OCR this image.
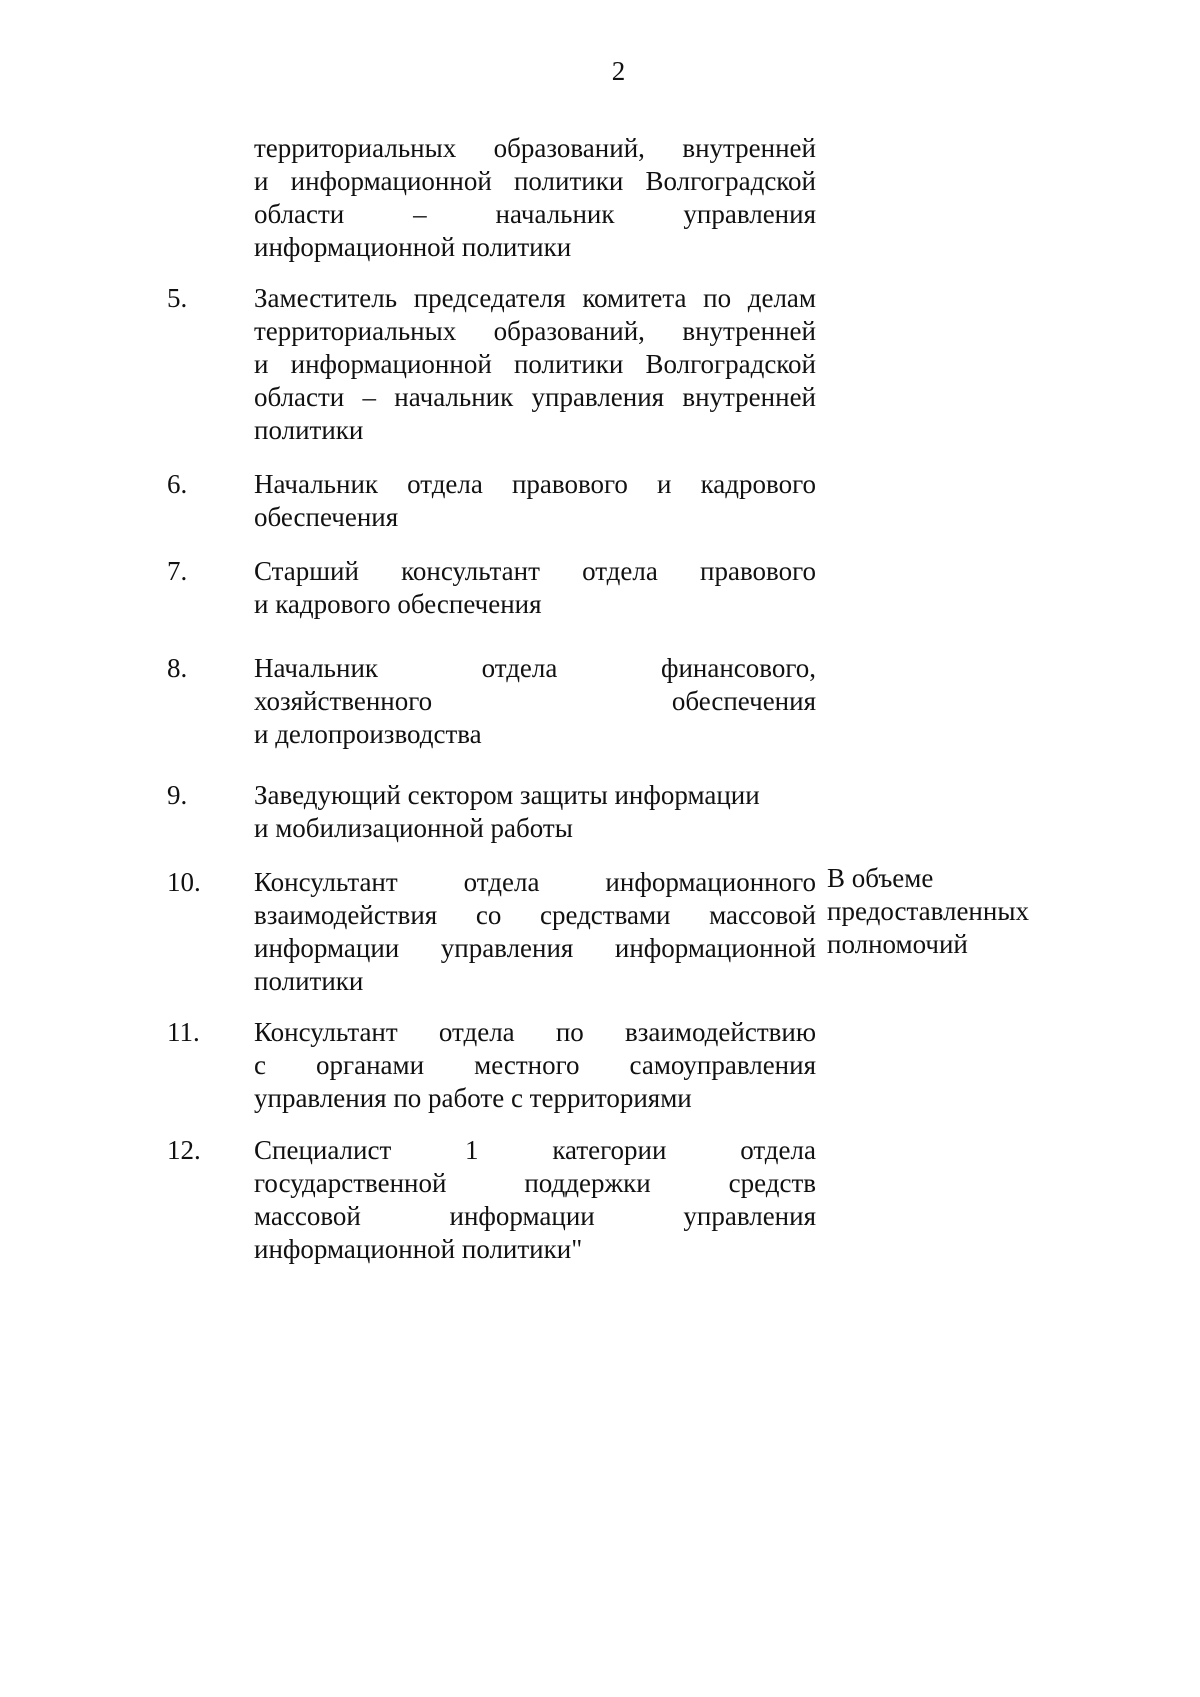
2
территориальных образований, внутренней
и информационной политики Волгоградской
области – начальник управления
информационной политики
5. Заместитель председателя комитета по делам
территориальных образований, внутренней
и информационной политики Волгоградской
области – начальник управления внутренней
политики
6. Начальник отдела правового и кадрового
обеспечения
7. Старший консультант отдела правового
и кадрового обеспечения
8. Начальник отдела финансового,
хозяйственного обеспечения
и делопроизводства
9. Заведующий сектором защиты информации
и мобилизационной работы
10. Консультант отдела информационного
взаимодействия со средствами массовой
информации управления информационной
политики
В объеме
предоставленных
полномочий
11. Консультант отдела по взаимодействию
с органами местного самоуправления
управления по работе с территориями
12. Специалист 1 категории отдела
государственной поддержки средств
массовой информации управления
информационной политики"
